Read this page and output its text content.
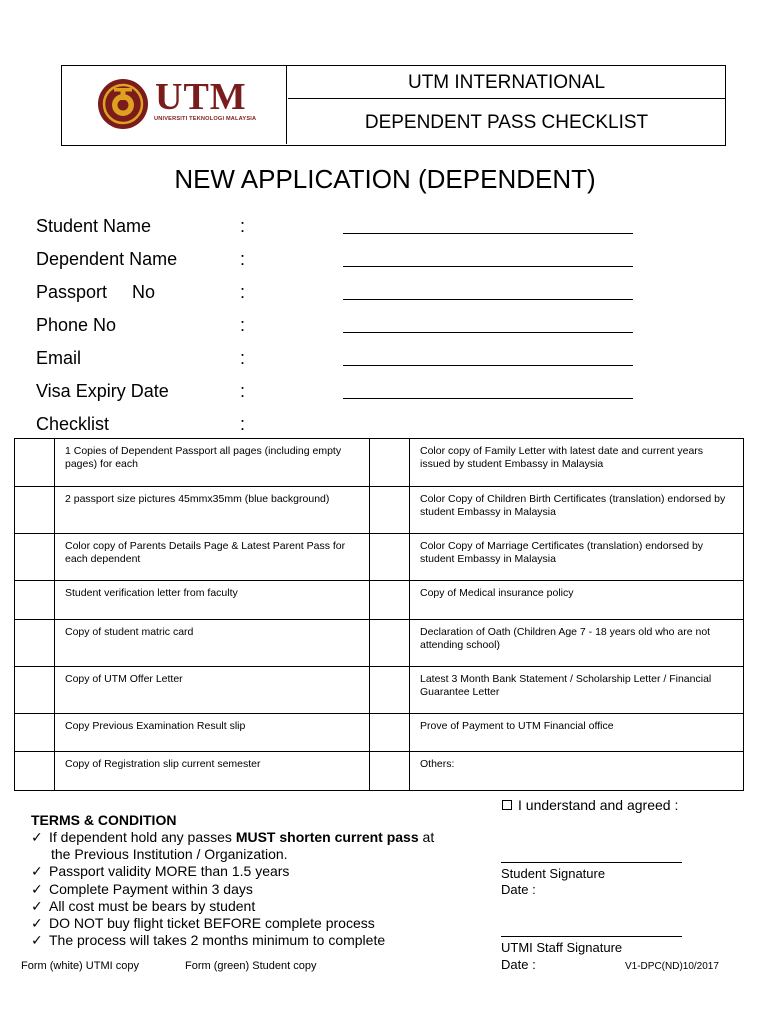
UTM
UNIVERSITI TEKNOLOGI MALAYSIA
UTM INTERNATIONAL
DEPENDENT PASS CHECKLIST
NEW APPLICATION (DEPENDENT)
Student Name	:
Dependent Name	:
Passport     No	:
Phone No	:
Email	:
Visa Expiry Date	:
Checklist	:
	1 Copies of Dependent Passport all pages (including empty pages) for each		Color copy of Family Letter with latest date and current years issued by student Embassy in Malaysia
	2 passport size pictures 45mmx35mm (blue background)		Color Copy of Children Birth Certificates (translation) endorsed by student Embassy in Malaysia
	Color copy of Parents Details Page & Latest Parent Pass for each dependent		Color Copy of Marriage Certificates (translation) endorsed by student Embassy in Malaysia
	Student verification letter from faculty		Copy of Medical insurance policy
	Copy of student matric card		Declaration of Oath (Children Age 7 - 18 years old who are not attending school)
	Copy of UTM Offer Letter		Latest 3 Month Bank Statement / Scholarship Letter / Financial Guarantee Letter
	Copy Previous Examination Result slip		Prove of Payment to UTM Financial office
	Copy of Registration slip current semester		Others:
I understand and agreed :
TERMS & CONDITION
✓ If dependent hold any passes MUST shorten current pass at
the Previous Institution / Organization.
✓ Passport validity MORE than 1.5 years
✓ Complete Payment within 3 days
✓ All cost must be bears by student
✓ DO NOT buy flight ticket BEFORE complete process
✓ The process will takes 2 months minimum to complete
Student Signature
Date :
UTMI Staff Signature
Date :
Form (white) UTMI copy	Form (green) Student copy	V1-DPC(ND)10/2017
